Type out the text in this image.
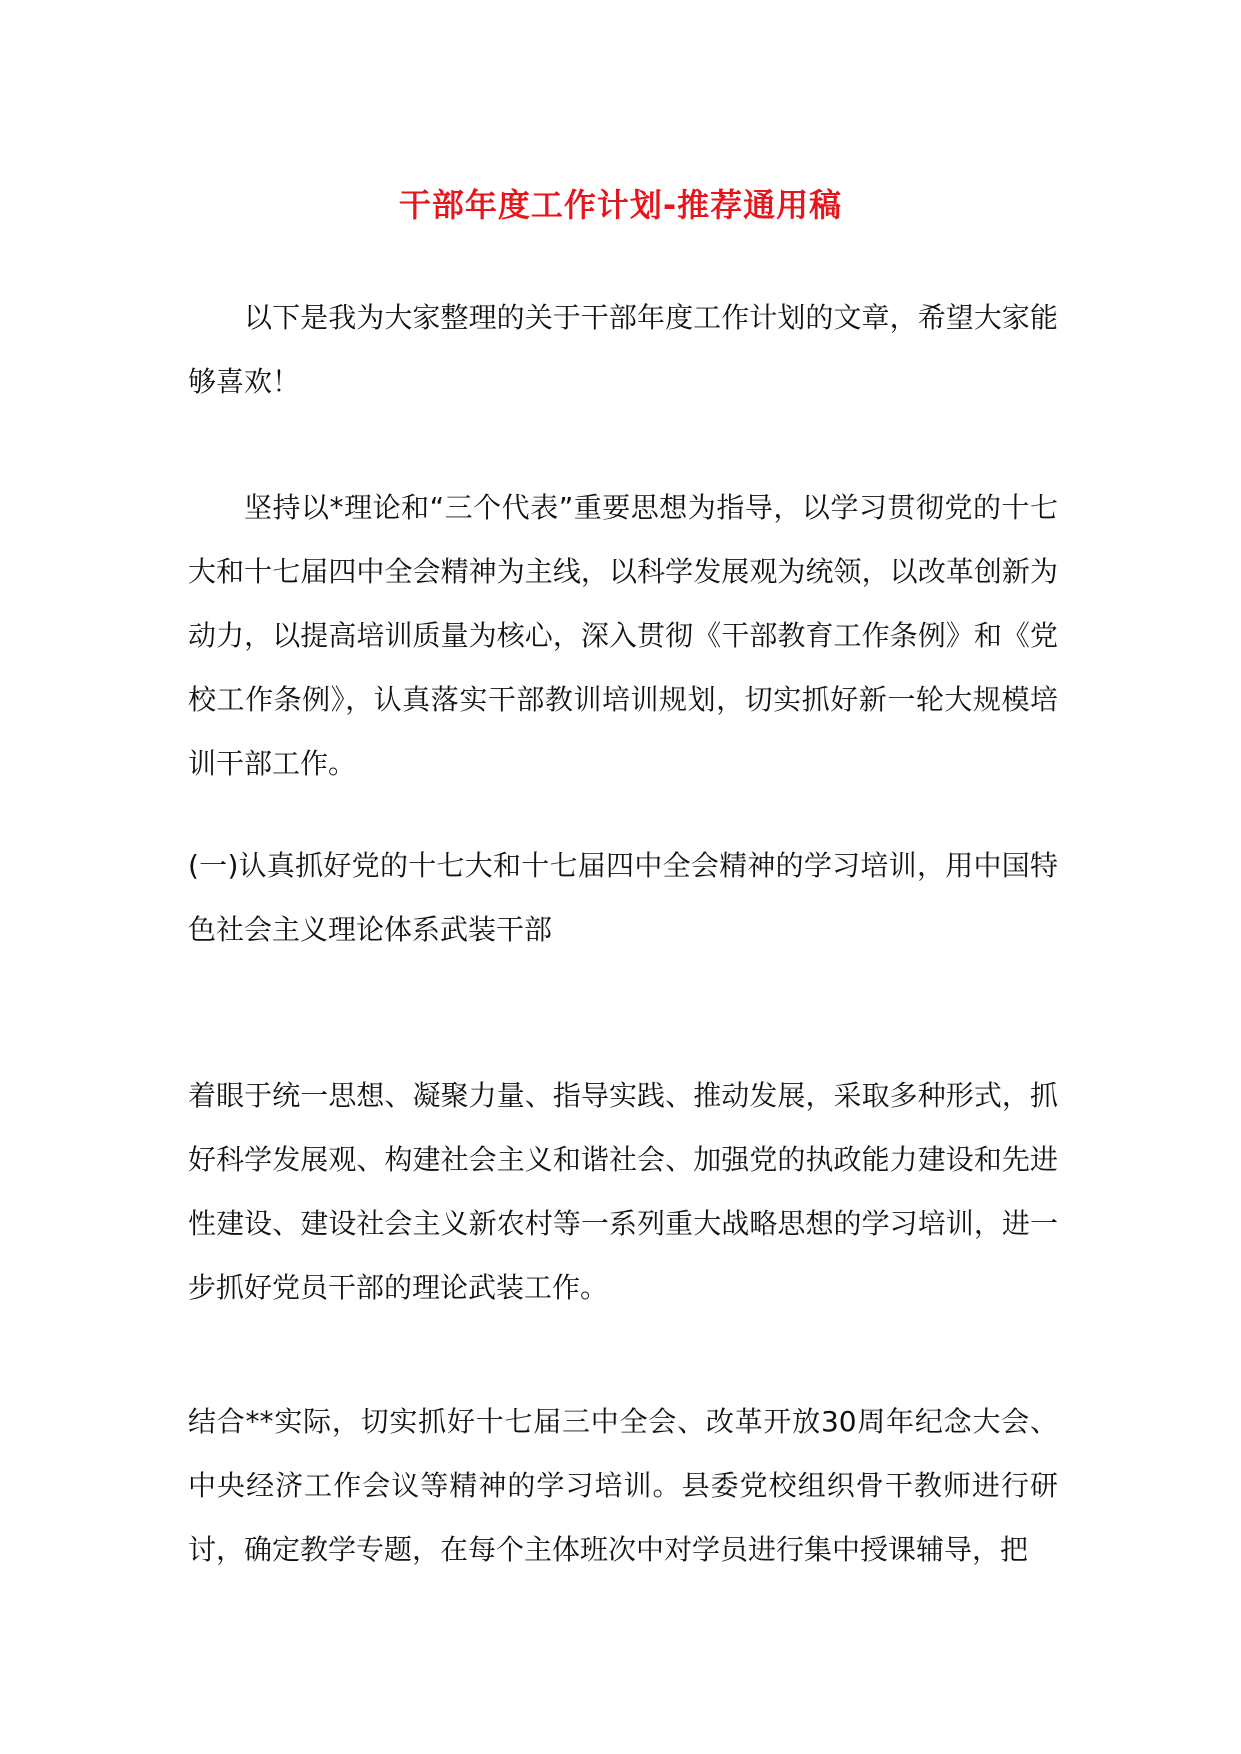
干部年度工作计划-推荐通用稿

以下是我为大家整理的关于干部年度工作计划的文章，希望大家能够喜欢！

坚持以*理论和“三个代表”重要思想为指导，以学习贯彻党的十七大和十七届四中全会精神为主线，以科学发展观为统领，以改革创新为动力，以提高培训质量为核心，深入贯彻《干部教育工作条例》和《党校工作条例》，认真落实干部教训培训规划，切实抓好新一轮大规模培训干部工作。

(一)认真抓好党的十七大和十七届四中全会精神的学习培训，用中国特色社会主义理论体系武装干部

着眼于统一思想、凝聚力量、指导实践、推动发展，采取多种形式，抓好科学发展观、构建社会主义和谐社会、加强党的执政能力建设和先进性建设、建设社会主义新农村等一系列重大战略思想的学习培训，进一步抓好党员干部的理论武装工作。

结合**实际，切实抓好十七届三中全会、改革开放30周年纪念大会、中央经济工作会议等精神的学习培训。县委党校组织骨干教师进行研讨，确定教学专题，在每个主体班次中对学员进行集中授课辅导，把
